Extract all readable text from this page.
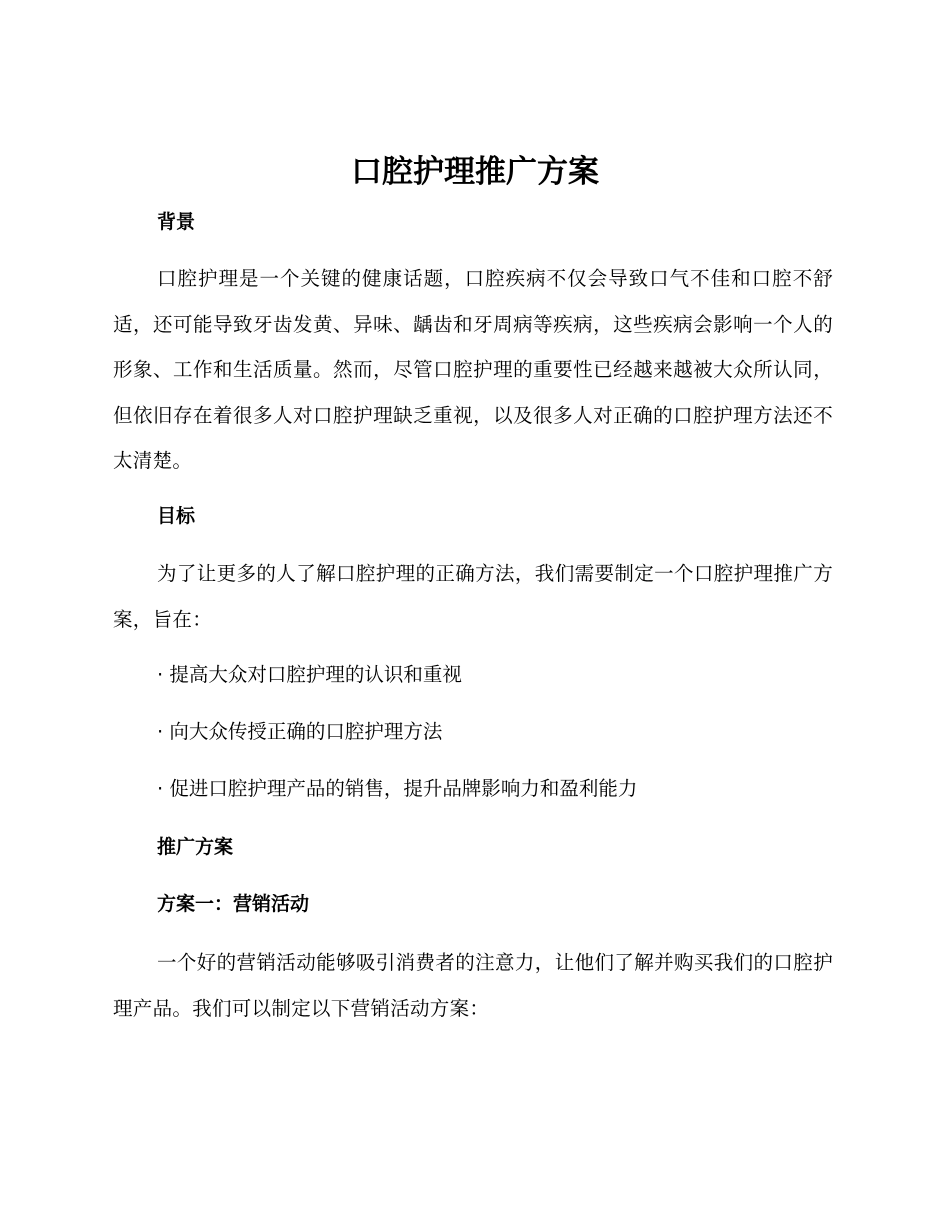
口腔护理推广方案
背景

口腔护理是一个关键的健康话题，口腔疾病不仅会导致口气不佳和口腔不舒适，还可能导致牙齿发黄、异味、龋齿和牙周病等疾病，这些疾病会影响一个人的形象、工作和生活质量。然而，尽管口腔护理的重要性已经越来越被大众所认同，但依旧存在着很多人对口腔护理缺乏重视，以及很多人对正确的口腔护理方法还不太清楚。

目标

为了让更多的人了解口腔护理的正确方法，我们需要制定一个口腔护理推广方案，旨在：

· 提高大众对口腔护理的认识和重视

· 向大众传授正确的口腔护理方法

· 促进口腔护理产品的销售，提升品牌影响力和盈利能力

推广方案
方案一：营销活动

一个好的营销活动能够吸引消费者的注意力，让他们了解并购买我们的口腔护理产品。我们可以制定以下营销活动方案：
